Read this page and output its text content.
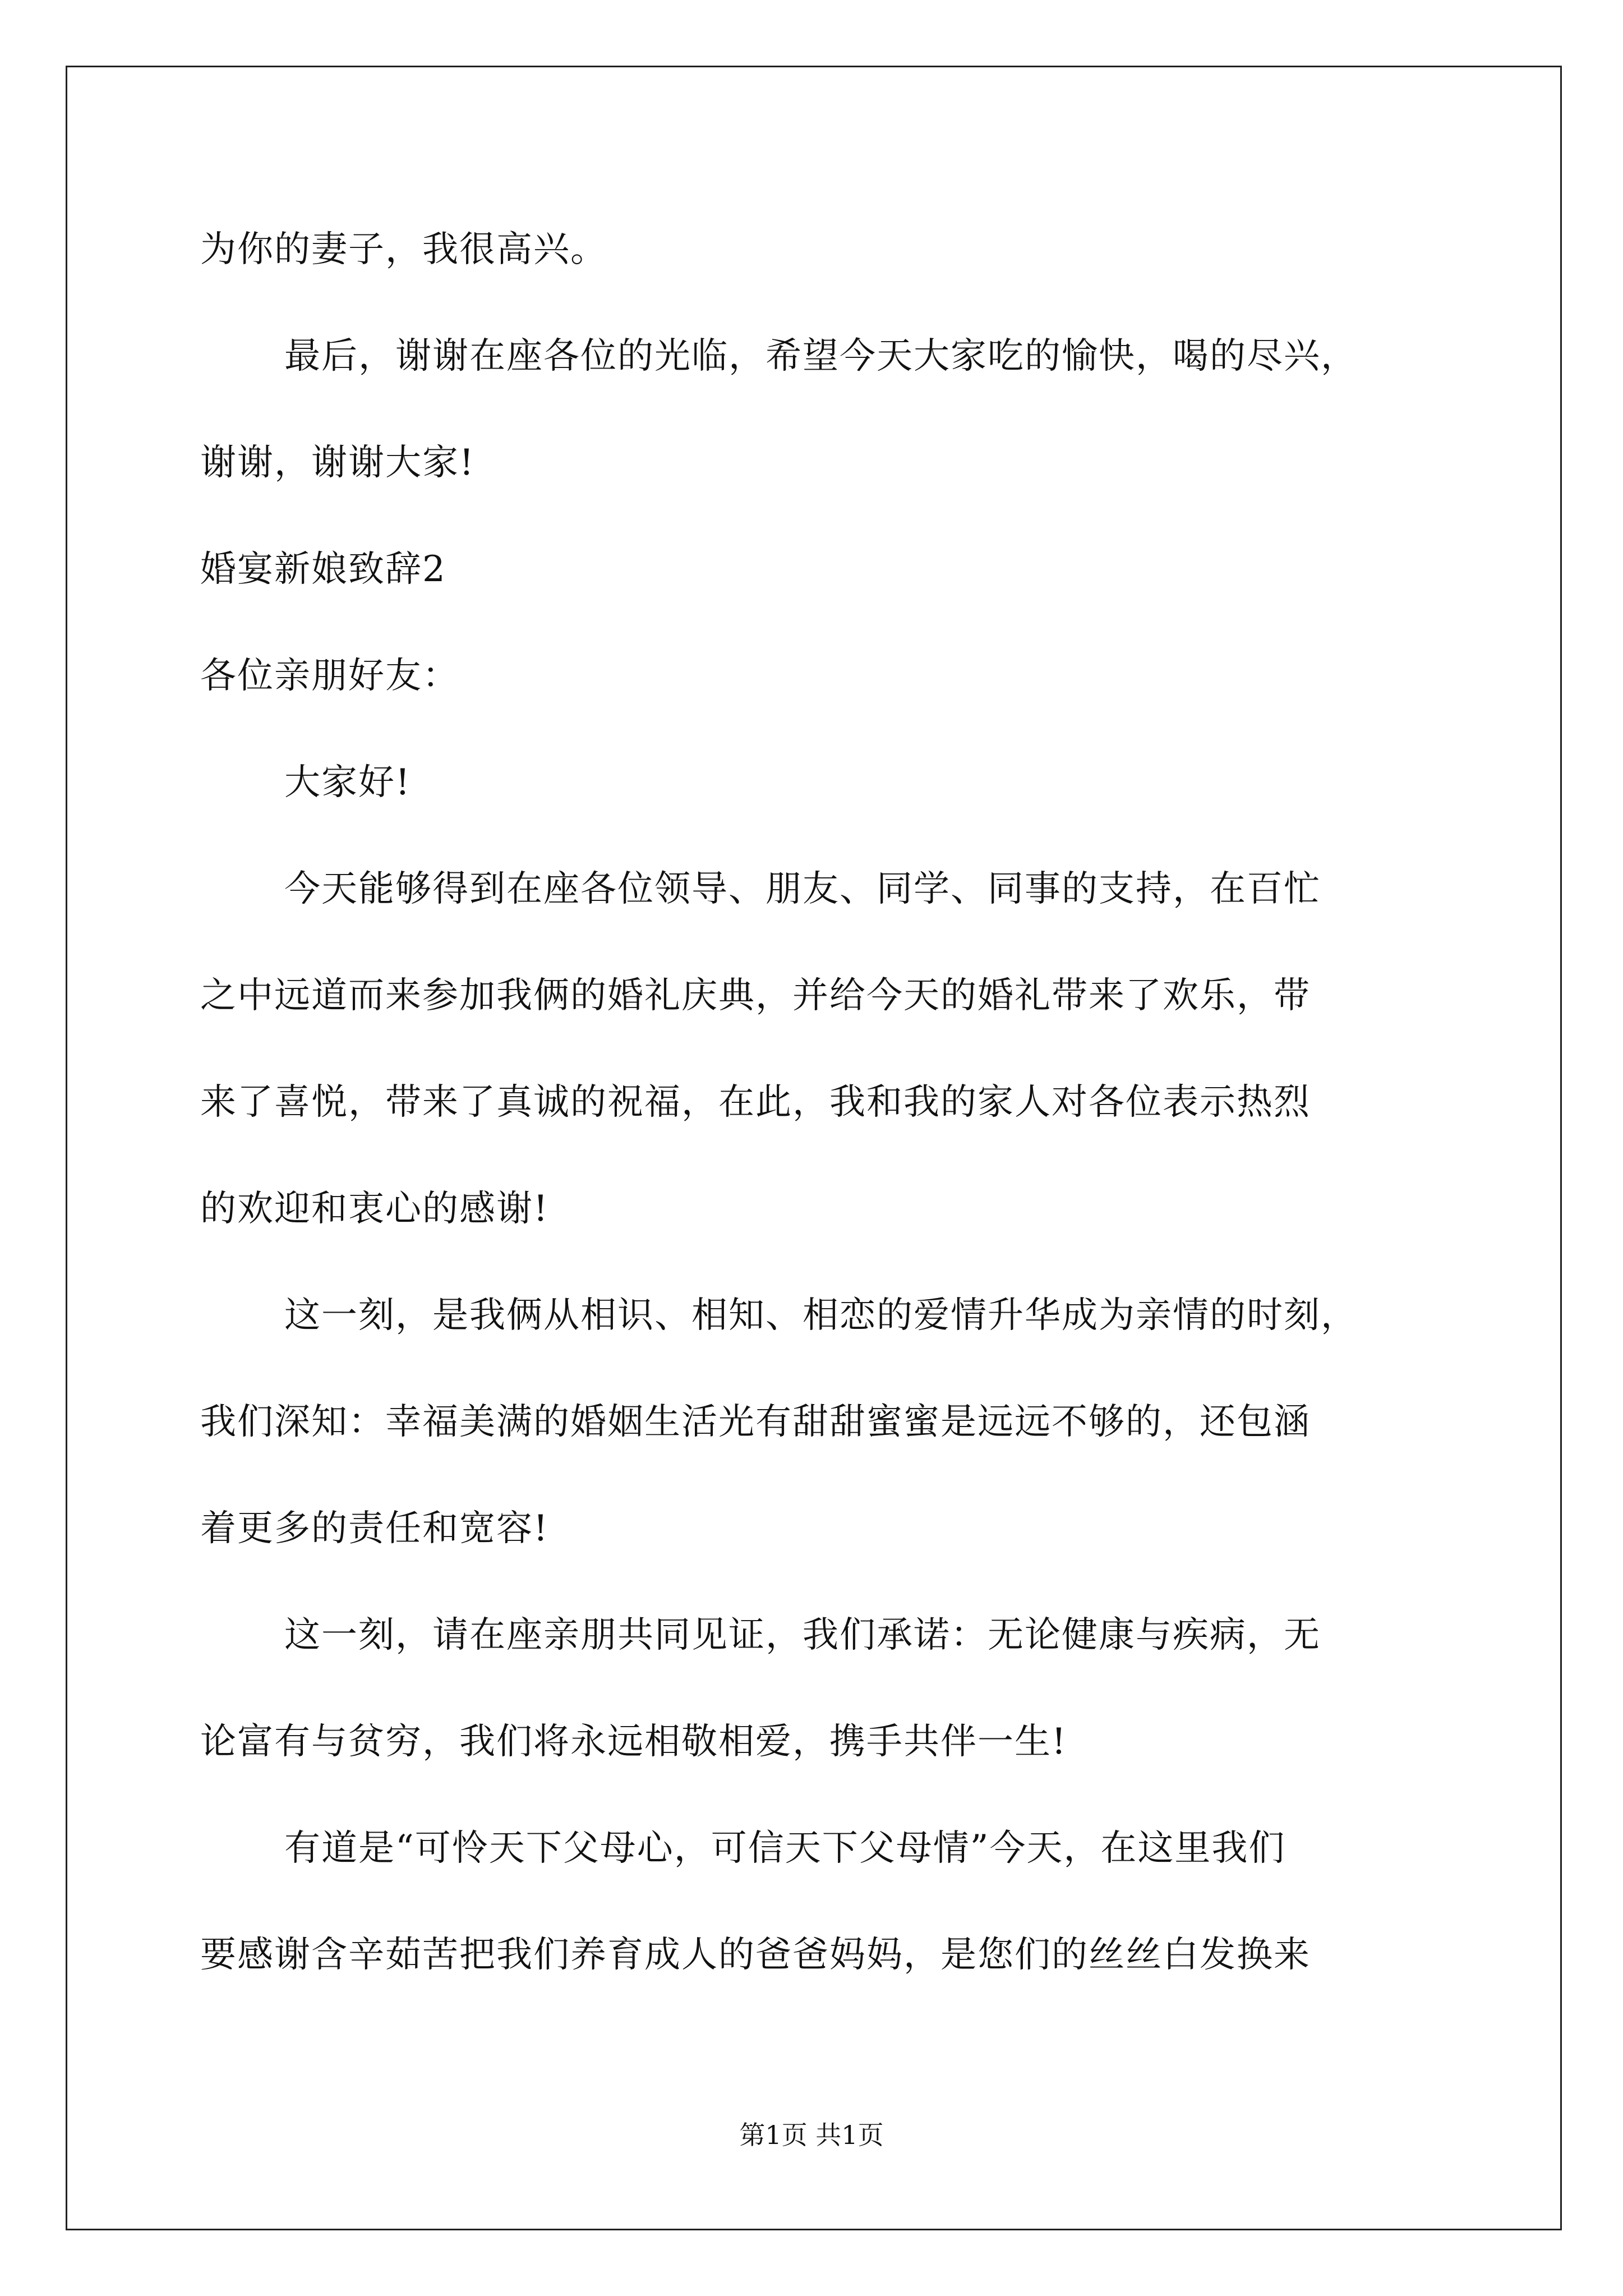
为你的妻子，我很高兴。
最后，谢谢在座各位的光临，希望今天大家吃的愉快，喝的尽兴，
谢谢，谢谢大家!
婚宴新娘致辞2
各位亲朋好友：
大家好!
今天能够得到在座各位领导、朋友、同学、同事的支持，在百忙
之中远道而来参加我俩的婚礼庆典，并给今天的婚礼带来了欢乐，带
来了喜悦，带来了真诚的祝福，在此，我和我的家人对各位表示热烈
的欢迎和衷心的感谢!
这一刻，是我俩从相识、相知、相恋的爱情升华成为亲情的时刻，
我们深知：幸福美满的婚姻生活光有甜甜蜜蜜是远远不够的，还包涵
着更多的责任和宽容!
这一刻，请在座亲朋共同见证，我们承诺：无论健康与疾病，无
论富有与贫穷，我们将永远相敬相爱，携手共伴一生!
有道是“可怜天下父母心，可信天下父母情”今天，在这里我们
要感谢含辛茹苦把我们养育成人的爸爸妈妈，是您们的丝丝白发换来
第1页 共1页
